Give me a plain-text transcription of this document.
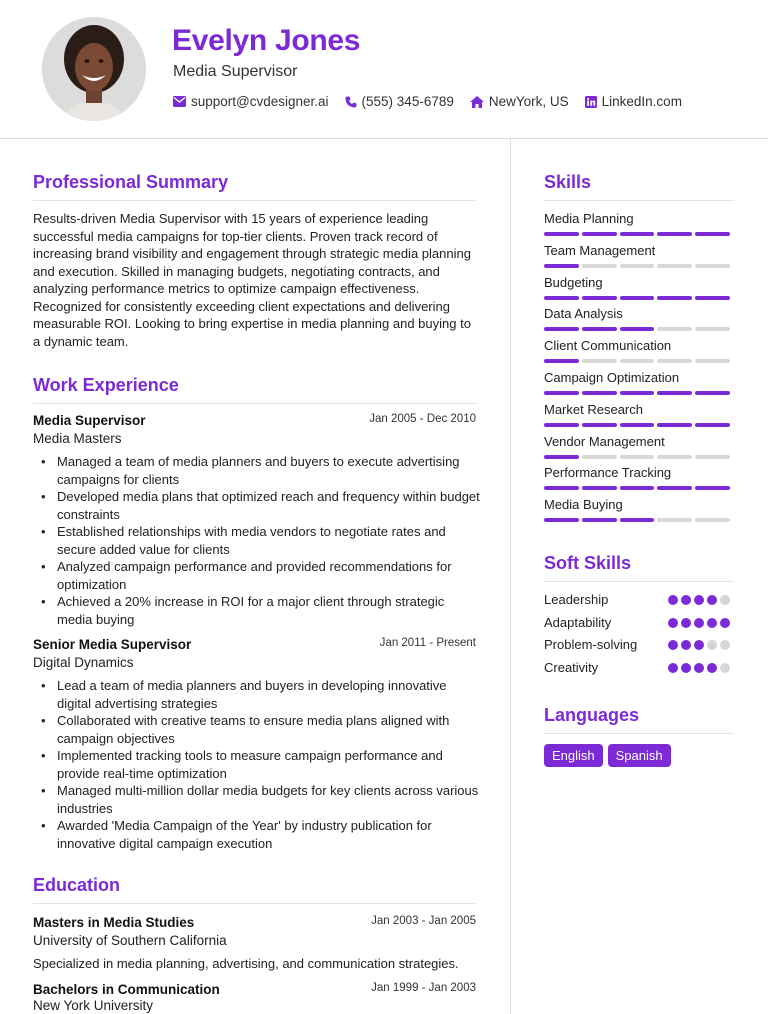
Evelyn Jones
Media Supervisor
support@cvdesigner.ai (555) 345-6789	NewYork, US LinkedIn.com
Professional Summary
Results-driven Media Supervisor with 15 years of experience leading successful media campaigns for top-tier clients. Proven track record of increasing brand visibility and engagement through strategic media planning and execution. Skilled in managing budgets, negotiating contracts, and analyzing performance metrics to optimize campaign effectiveness. Recognized for consistently exceeding client expectations and delivering measurable ROI. Looking to bring expertise in media planning and buying to a dynamic team.
Work Experience
Media Supervisor	Jan 2005 - Dec 2010
Media Masters
• Managed a team of media planners and buyers to execute advertising campaigns for clients
• Developed media plans that optimized reach and frequency within budget constraints
• Established relationships with media vendors to negotiate rates and secure added value for clients
• Analyzed campaign performance and provided recommendations for optimization
• Achieved a 20% increase in ROI for a major client through strategic media buying
Senior Media Supervisor	Jan 2011 - Present
Digital Dynamics
• Lead a team of media planners and buyers in developing innovative digital advertising strategies
• Collaborated with creative teams to ensure media plans aligned with campaign objectives
• Implemented tracking tools to measure campaign performance and provide real-time optimization
• Managed multi-million dollar media budgets for key clients across various industries
• Awarded 'Media Campaign of the Year' by industry publication for innovative digital campaign execution
Education
Masters in Media Studies	Jan 2003 - Jan 2005
University of Southern California
Specialized in media planning, advertising, and communication strategies.
Bachelors in Communication	Jan 1999 - Jan 2003
New York University
Skills
Media Planning
Team Management
Budgeting
Data Analysis
Client Communication
Campaign Optimization
Market Research
Vendor Management
Performance Tracking
Media Buying
Soft Skills
Leadership
Adaptability
Problem-solving
Creativity
Languages
English	Spanish
